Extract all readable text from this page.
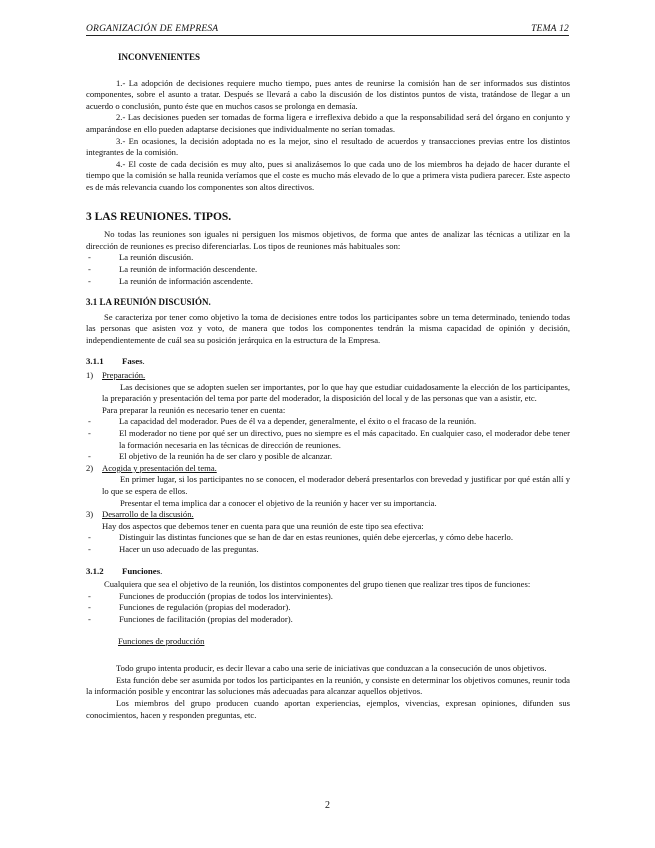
ORGANIZACIÓN DE EMPRESA	TEMA 12
INCONVENIENTES

1.- La adopción de decisiones requiere mucho tiempo, pues antes de reunirse la comisión han de ser informados sus distintos componentes, sobre el asunto a tratar. Después se llevará a cabo la discusión de los distintos puntos de vista, tratándose de llegar a un acuerdo o conclusión, punto éste que en muchos casos se prolonga en demasía.

2.- Las decisiones pueden ser tomadas de forma ligera e irreflexiva debido a que la responsabilidad será del órgano en conjunto y amparándose en ello pueden adaptarse decisiones que individualmente no serían tomadas.

3.- En ocasiones, la decisión adoptada no es la mejor, sino el resultado de acuerdos y transacciones previas entre los distintos integrantes de la comisión.

4.- El coste de cada decisión es muy alto, pues si analizásemos lo que cada uno de los miembros ha dejado de hacer durante el tiempo que la comisión se halla reunida veríamos que el coste es mucho más elevado de lo que a primera vista pudiera parecer. Este aspecto es de más relevancia cuando los componentes son altos directivos.

3 LAS REUNIONES. TIPOS.

No todas las reuniones son iguales ni persiguen los mismos objetivos, de forma que antes de analizar las técnicas a utilizar en la dirección de reuniones es preciso diferenciarlas. Los tipos de reuniones más habituales son:

- La reunión discusión.
- La reunión de información descendente.
- La reunión de información ascendente.
3.1 LA REUNIÓN DISCUSIÓN.

Se caracteriza por tener como objetivo la toma de decisiones entre todos los participantes sobre un tema determinado, teniendo todas las personas que asisten voz y voto, de manera que todos los componentes tendrán la misma capacidad de opinión y decisión, independientemente de cuál sea su posición jerárquica en la estructura de la Empresa.

3.1.1 Fases.
1) Preparación.

Las decisiones que se adopten suelen ser importantes, por lo que hay que estudiar cuidadosamente la elección de los participantes, la preparación y presentación del tema por parte del moderador, la disposición del local y de las personas que van a asistir, etc.

Para preparar la reunión es necesario tener en cuenta:

- La capacidad del moderador. Pues de él va a depender, generalmente, el éxito o el fracaso de la reunión.
- El moderador no tiene por qué ser un directivo, pues no siempre es el más capacitado. En cualquier caso, el moderador debe tener la formación necesaria en las técnicas de dirección de reuniones.
- El objetivo de la reunión ha de ser claro y posible de alcanzar.
2) Acogida y presentación del tema.

En primer lugar, si los participantes no se conocen, el moderador deberá presentarlos con brevedad y justificar por qué están allí y lo que se espera de ellos.

Presentar el tema implica dar a conocer el objetivo de la reunión y hacer ver su importancia.

3) Desarrollo de la discusión.

Hay dos aspectos que debemos tener en cuenta para que una reunión de este tipo sea efectiva:

- Distinguir las distintas funciones que se han de dar en estas reuniones, quién debe ejercerlas, y cómo debe hacerlo.
- Hacer un uso adecuado de las preguntas.
3.1.2 Funciones.

Cualquiera que sea el objetivo de la reunión, los distintos componentes del grupo tienen que realizar tres tipos de funciones:

- Funciones de producción (propias de todos los intervinientes).
- Funciones de regulación (propias del moderador).
- Funciones de facilitación (propias del moderador).
Funciones de producción

Todo grupo intenta producir, es decir llevar a cabo una serie de iniciativas que conduzcan a la consecución de unos objetivos.

Esta función debe ser asumida por todos los participantes en la reunión, y consiste en determinar los objetivos comunes, reunir toda la información posible y encontrar las soluciones más adecuadas para alcanzar aquellos objetivos.

Los miembros del grupo producen cuando aportan experiencias, ejemplos, vivencias, expresan opiniones, difunden sus conocimientos, hacen y responden preguntas, etc.

2
